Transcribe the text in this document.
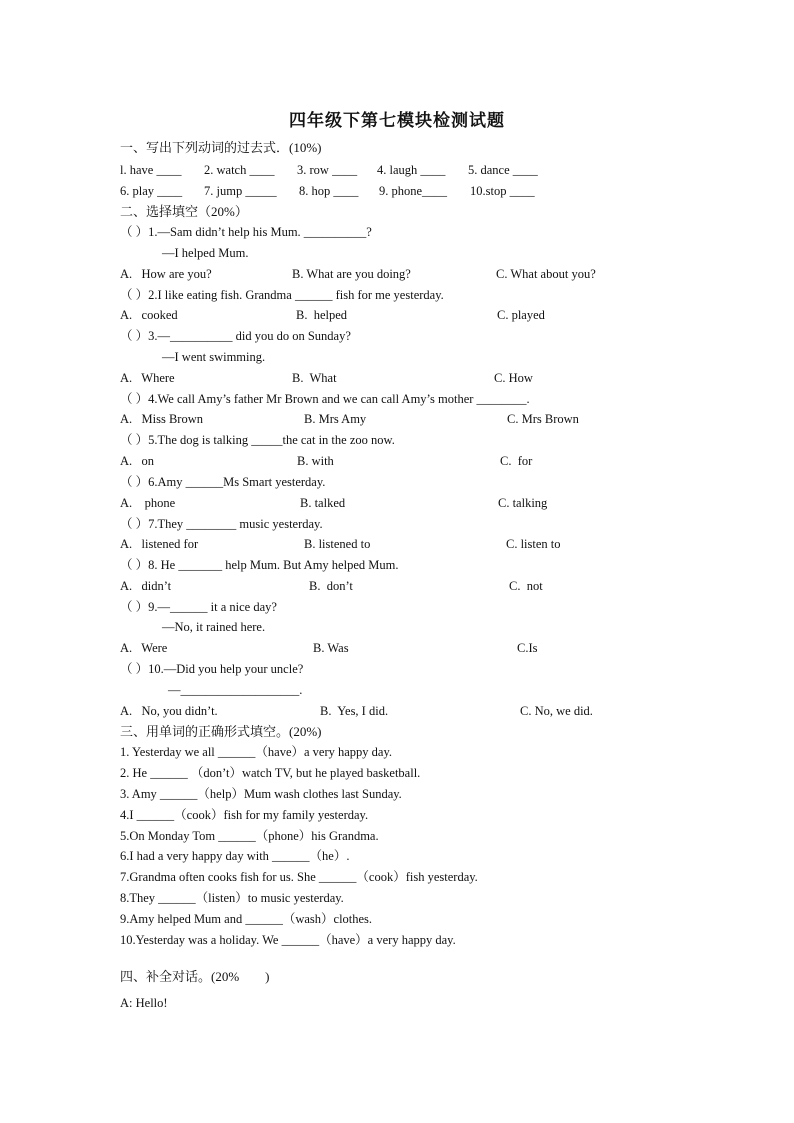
四年级下第七模块检测试题
一、写出下列动词的过去式．(10%)
l. have ____ 2. watch ____ 3. row ____ 4. laugh ____ 5. dance ____
6. play ____ 7. jump _____ 8. hop ____ 9. phone____ 10.stop ____
二、选择填空（20%）
（ ）1.—Sam didn’t help his Mum. __________?
—I helped Mum.
A.   How are you?	B. What are you doing?	C. What about you?
（ ）2.I like eating fish. Grandma ______ fish for me yesterday.
A.   cooked	B.  helped	C. played
（ ）3.—__________ did you do on Sunday?
—I went swimming.
A.   Where	B.  What	C. How
（ ）4.We call Amy’s father Mr Brown and we can call Amy’s mother ________.
A.   Miss Brown	B. Mrs Amy	C. Mrs Brown
（ ）5.The dog is talking _____the cat in the zoo now.
A.   on	B. with	C.  for
（ ）6.Amy ______Ms Smart yesterday.
A.    phone	B. talked	C. talking
（ ）7.They ________ music yesterday.
A.   listened for	B. listened to	C. listen to
（ ）8. He _______ help Mum. But Amy helped Mum.
A.   didn’t	B.  don’t	C.  not
（ ）9.—______ it a nice day?
—No, it rained here.
A.   Were	B. Was	C.Is
（ ）10.—Did you help your uncle?
—___________________.
A.   No, you didn’t.	B.  Yes, I did.	C. No, we did.
三、用单词的正确形式填空。(20%)
1. Yesterday we all ______（have）a very happy day.
2. He ______ （don’t）watch TV, but he played basketball.
3. Amy ______（help）Mum wash clothes last Sunday.
4.I ______（cook）fish for my family yesterday.
5.On Monday Tom ______（phone）his Grandma.
6.I had a very happy day with ______（he）.
7.Grandma often cooks fish for us. She ______（cook）fish yesterday.
8.They ______（listen）to music yesterday.
9.Amy helped Mum and ______（wash）clothes.
10.Yesterday was a holiday. We ______（have）a very happy day.
四、补全对话。(20%　　)
A: Hello!
